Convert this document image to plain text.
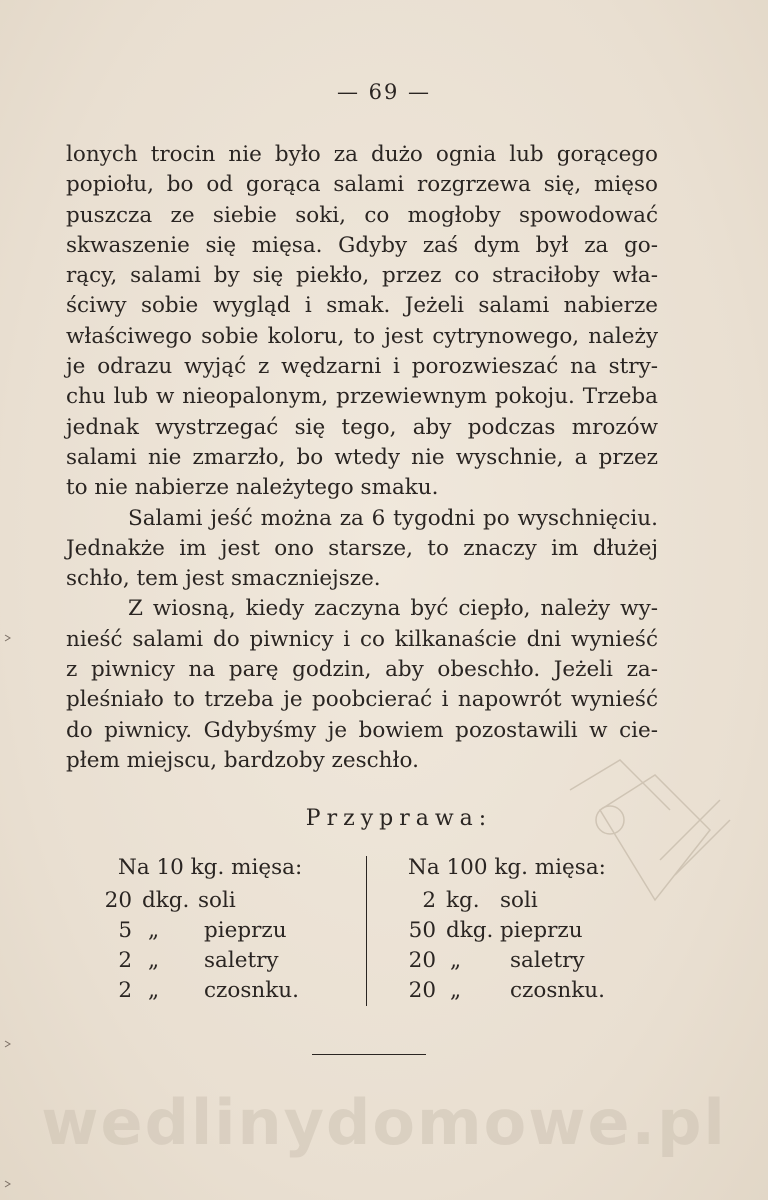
— 69 —
lonych trocin nie było za dużo ognia lub gorącego
popiołu, bo od gorąca salami rozgrzewa się, mięso
puszcza ze siebie soki, co mogłoby spowodować
skwaszenie się mięsa. Gdyby zaś dym był za go-
rący, salami by się piekło, przez co straciłoby wła-
ściwy sobie wygląd i smak. Jeżeli salami nabierze
właściwego sobie koloru, to jest cytrynowego, należy
je odrazu wyjąć z wędzarni i porozwieszać na stry-
chu lub w nieopalonym, przewiewnym pokoju. Trzeba
jednak wystrzegać się tego, aby podczas mrozów
salami nie zmarzło, bo wtedy nie wyschnie, a przez
to nie nabierze należytego smaku.
Salami jeść można za 6 tygodni po wyschnięciu.
Jednakże im jest ono starsze, to znaczy im dłużej
schło, tem jest smaczniejsze.
Z wiosną, kiedy zaczyna być ciepło, należy wy-
nieść salami do piwnicy i co kilkanaście dni wynieść
z piwnicy na parę godzin, aby obeschło. Jeżeli za-
pleśniało to trzeba je poobcierać i napowrót wynieść
do piwnicy. Gdybyśmy je bowiem pozostawili w cie-
płem miejscu, bardzoby zeschło.
Przyprawa:
Na 10 kg. mięsa:
20 dkg. soli
5 „ pieprzu
2 „ saletry
2 „ czosnku.
Na 100 kg. mięsa:
2 kg. soli
50 dkg. pieprzu
20 „ saletry
20 „ czosnku.
wedlinydomowe.pl
